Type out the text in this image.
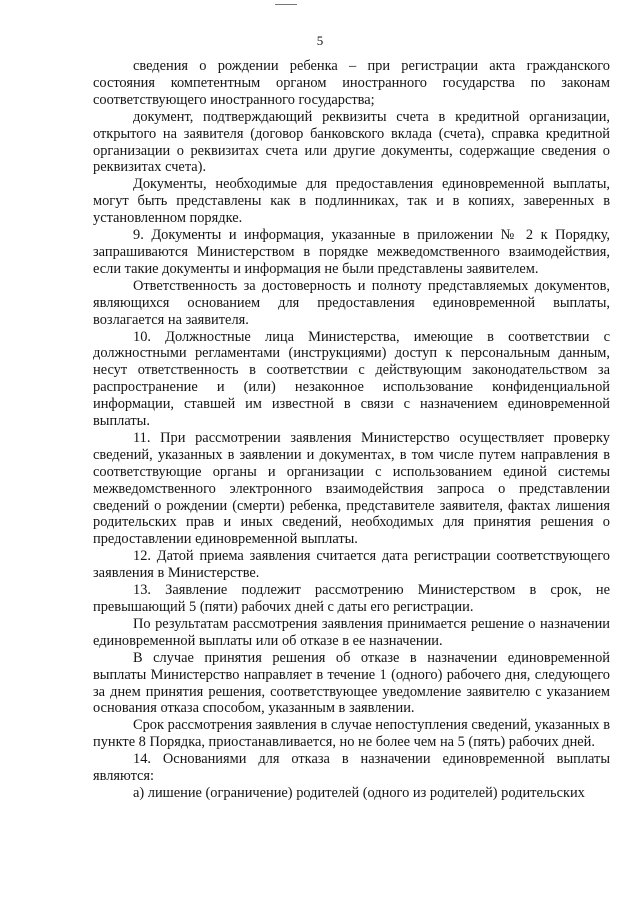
5

сведения о рождении ребенка – при регистрации акта гражданского состояния компетентным органом иностранного государства по законам соответствующего иностранного государства;

документ, подтверждающий реквизиты счета в кредитной организации, открытого на заявителя (договор банковского вклада (счета), справка кредитной организации о реквизитах счета или другие документы, содержащие сведения о реквизитах счета).

Документы, необходимые для предоставления единовременной выплаты, могут быть представлены как в подлинниках, так и в копиях, заверенных в установленном порядке.

9. Документы и информация, указанные в приложении № 2 к Порядку, запрашиваются Министерством в порядке межведомственного взаимодействия, если такие документы и информация не были представлены заявителем.

Ответственность за достоверность и полноту представляемых документов, являющихся основанием для предоставления единовременной выплаты, возлагается на заявителя.

10. Должностные лица Министерства, имеющие в соответствии с должностными регламентами (инструкциями) доступ к персональным данным, несут ответственность в соответствии с действующим законодательством за распространение и (или) незаконное использование конфиденциальной информации, ставшей им известной в связи с назначением единовременной выплаты.

11. При рассмотрении заявления Министерство осуществляет проверку сведений, указанных в заявлении и документах, в том числе путем направления в соответствующие органы и организации с использованием единой системы межведомственного электронного взаимодействия запроса о представлении сведений о рождении (смерти) ребенка, представителе заявителя, фактах лишения родительских прав и иных сведений, необходимых для принятия решения о предоставлении единовременной выплаты.

12. Датой приема заявления считается дата регистрации соответствующего заявления в Министерстве.

13. Заявление подлежит рассмотрению Министерством в срок, не превышающий 5 (пяти) рабочих дней с даты его регистрации.

По результатам рассмотрения заявления принимается решение о назначении единовременной выплаты или об отказе в ее назначении.

В случае принятия решения об отказе в назначении единовременной выплаты Министерство направляет в течение 1 (одного) рабочего дня, следующего за днем принятия решения, соответствующее уведомление заявителю с указанием основания отказа способом, указанным в заявлении.

Срок рассмотрения заявления в случае непоступления сведений, указанных в пункте 8 Порядка, приостанавливается, но не более чем на 5 (пять) рабочих дней.

14. Основаниями для отказа в назначении единовременной выплаты являются:

а) лишение (ограничение) родителей (одного из родителей) родительских
